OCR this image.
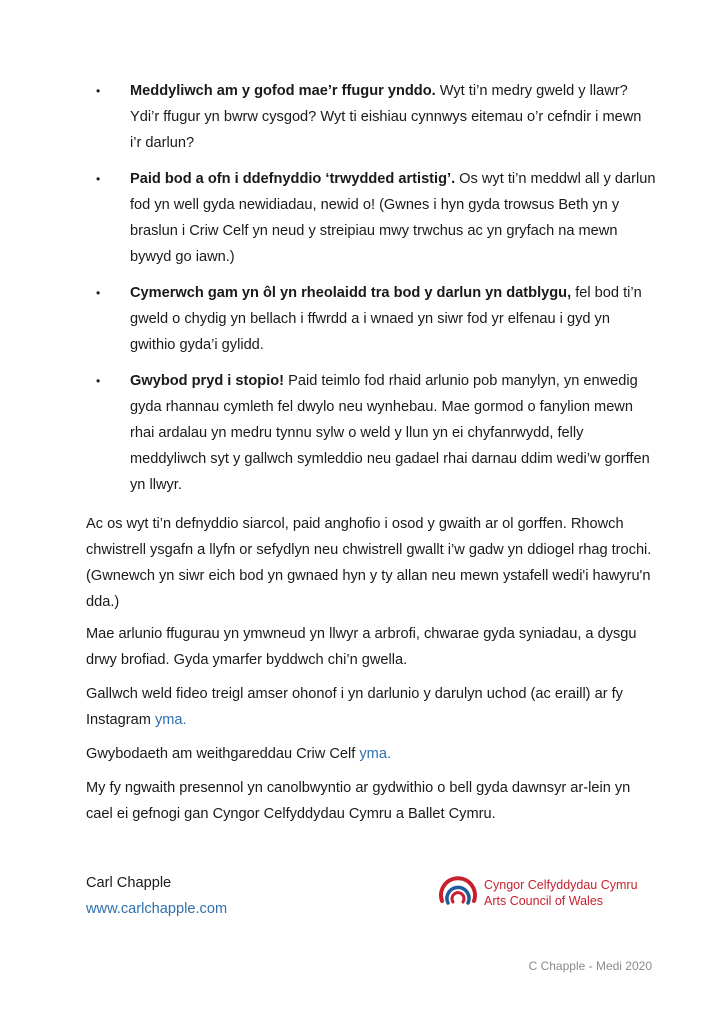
• Meddyliwch am y gofod mae’r ffugur ynddo. Wyt ti’n medry gweld y llawr? Ydi’r ffugur yn bwrw cysgod? Wyt ti eishiau cynnwys eitemau o’r cefndir i mewn i’r darlun?
• Paid bod a ofn i ddefnyddio ‘trwydded artistig’. Os wyt ti’n meddwl all y darlun fod yn well gyda newidiadau, newid o! (Gwnes i hyn gyda trowsus Beth yn y braslun i Criw Celf yn neud y streipiau mwy trwchus ac yn gryfach na mewn bywyd go iawn.)
• Cymerwch gam yn ôl yn rheolaidd tra bod y darlun yn datblygu, fel bod ti’n gweld o chydig yn bellach i ffwrdd a i wnaed yn siwr fod yr elfenau i gyd yn gwithio gyda’i gylidd.
• Gwybod pryd i stopio! Paid teimlo fod rhaid arlunio pob manylyn, yn enwedig gyda rhannau cymleth fel dwylo neu wynhebau. Mae gormod o fanylion mewn rhai ardalau yn medru tynnu sylw o weld y llun yn ei chyfanrwydd, felly meddyliwch syt y gallwch symleddio neu gadael rhai darnau ddim wedi’w gorffen yn llwyr.

Ac os wyt ti’n defnyddio siarcol, paid anghofio i osod y gwaith ar ol gorffen. Rhowch chwistrell ysgafn a llyfn or sefydlyn neu chwistrell gwallt i’w gadw yn ddiogel rhag trochi. (Gwnewch yn siwr eich bod yn gwnaed hyn y ty allan neu mewn ystafell wedi'i hawyru'n dda.)

Mae arlunio ffugurau yn ymwneud yn llwyr a arbrofi, chwarae gyda syniadau, a dysgu drwy brofiad. Gyda ymarfer byddwch chi’n gwella.

Gallwch weld fideo treigl amser ohonof i yn darlunio y darulyn uchod (ac eraill) ar fy Instagram yma.

Gwybodaeth am weithgareddau Criw Celf yma.

My fy ngwaith presennol yn canolbwyntio ar gydwithio o bell gyda dawnsyr ar-lein yn cael ei gefnogi gan Cyngor Celfyddydau Cymru a Ballet Cymru.

Carl Chapple
www.carlchapple.com
Cyngor Celfyddydau Cymru
Arts Council of Wales
C Chapple - Medi 2020
